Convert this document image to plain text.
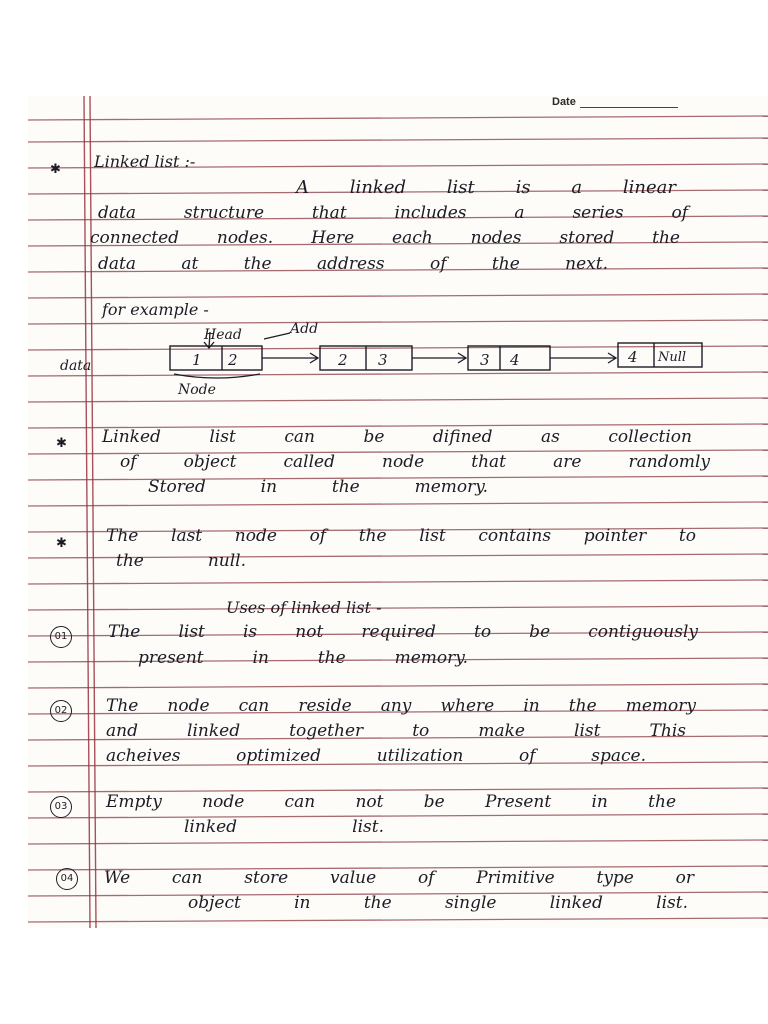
Date
✱ Linked list :-
A linked list is a linear
data structure that includes a series of
connected nodes. Here each nodes stored the
data at the address of the next.
for example -
Head	Add
data	1 2	2 3	3 4	4 Null
Node
✱ Linked list can be difined as collection
of object called node that are randomly
Stored in the memory.
✱ The last node of the list contains pointer to
the null.
Uses of linked list -
01 The list is not required to be contiguously
present in the memory.
02 The node can reside any where in the memory
and linked together to make list This
acheives optimized utilization of space.
03 Empty node can not be Present in the
linked list.
04 We can store value of Primitive type or
object in the single linked list.
